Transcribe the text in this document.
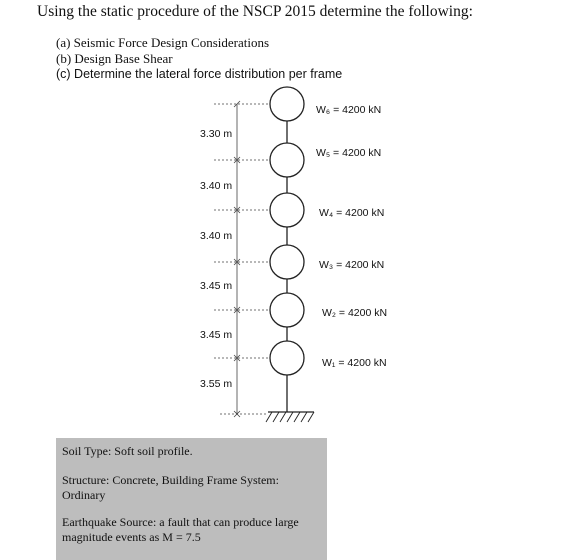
Using the static procedure of the NSCP 2015 determine the following:
(a) Seismic Force Design Considerations
(b) Design Base Shear
(c) Determine the lateral force distribution per frame
3.30 m
3.40 m
3.40 m
3.45 m
3.45 m
3.55 m
W₆ = 4200 kN
W₅ = 4200 kN
W₄ = 4200 kN
W₃ = 4200 kN
W₂ = 4200 kN
W₁ = 4200 kN

Soil Type: Soft soil profile.

Structure: Concrete, Building Frame System: Ordinary

Earthquake Source: a fault that can produce large magnitude events as M = 7.5
